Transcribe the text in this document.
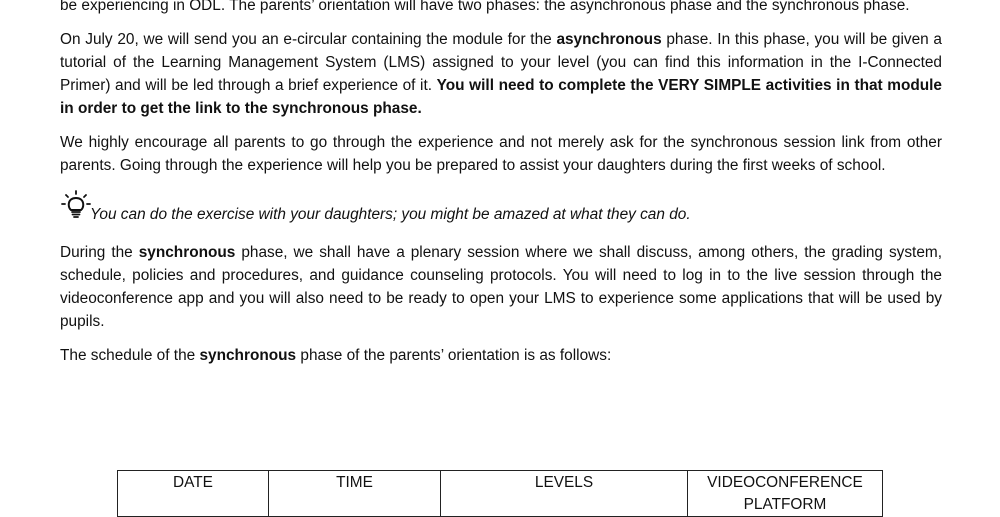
be experiencing in ODL. The parents’ orientation will have two phases: the asynchronous phase and the synchronous phase.

On July 20, we will send you an e-circular containing the module for the asynchronous phase. In this phase, you will be given a tutorial of the Learning Management System (LMS) assigned to your level (you can find this information in the I-Connected Primer) and will be led through a brief experience of it. You will need to complete the VERY SIMPLE activities in that module in order to get the link to the synchronous phase.

We highly encourage all parents to go through the experience and not merely ask for the synchronous session link from other parents. Going through the experience will help you be prepared to assist your daughters during the first weeks of school.

You can do the exercise with your daughters; you might be amazed at what they can do.

During the synchronous phase, we shall have a plenary session where we shall discuss, among others, the grading system, schedule, policies and procedures, and guidance counseling protocols. You will need to log in to the live session through the videoconference app and you will also need to be ready to open your LMS to experience some applications that will be used by pupils.

The schedule of the synchronous phase of the parents’ orientation is as follows:

DATE	TIME	LEVELS	VIDEOCONFERENCE PLATFORM
